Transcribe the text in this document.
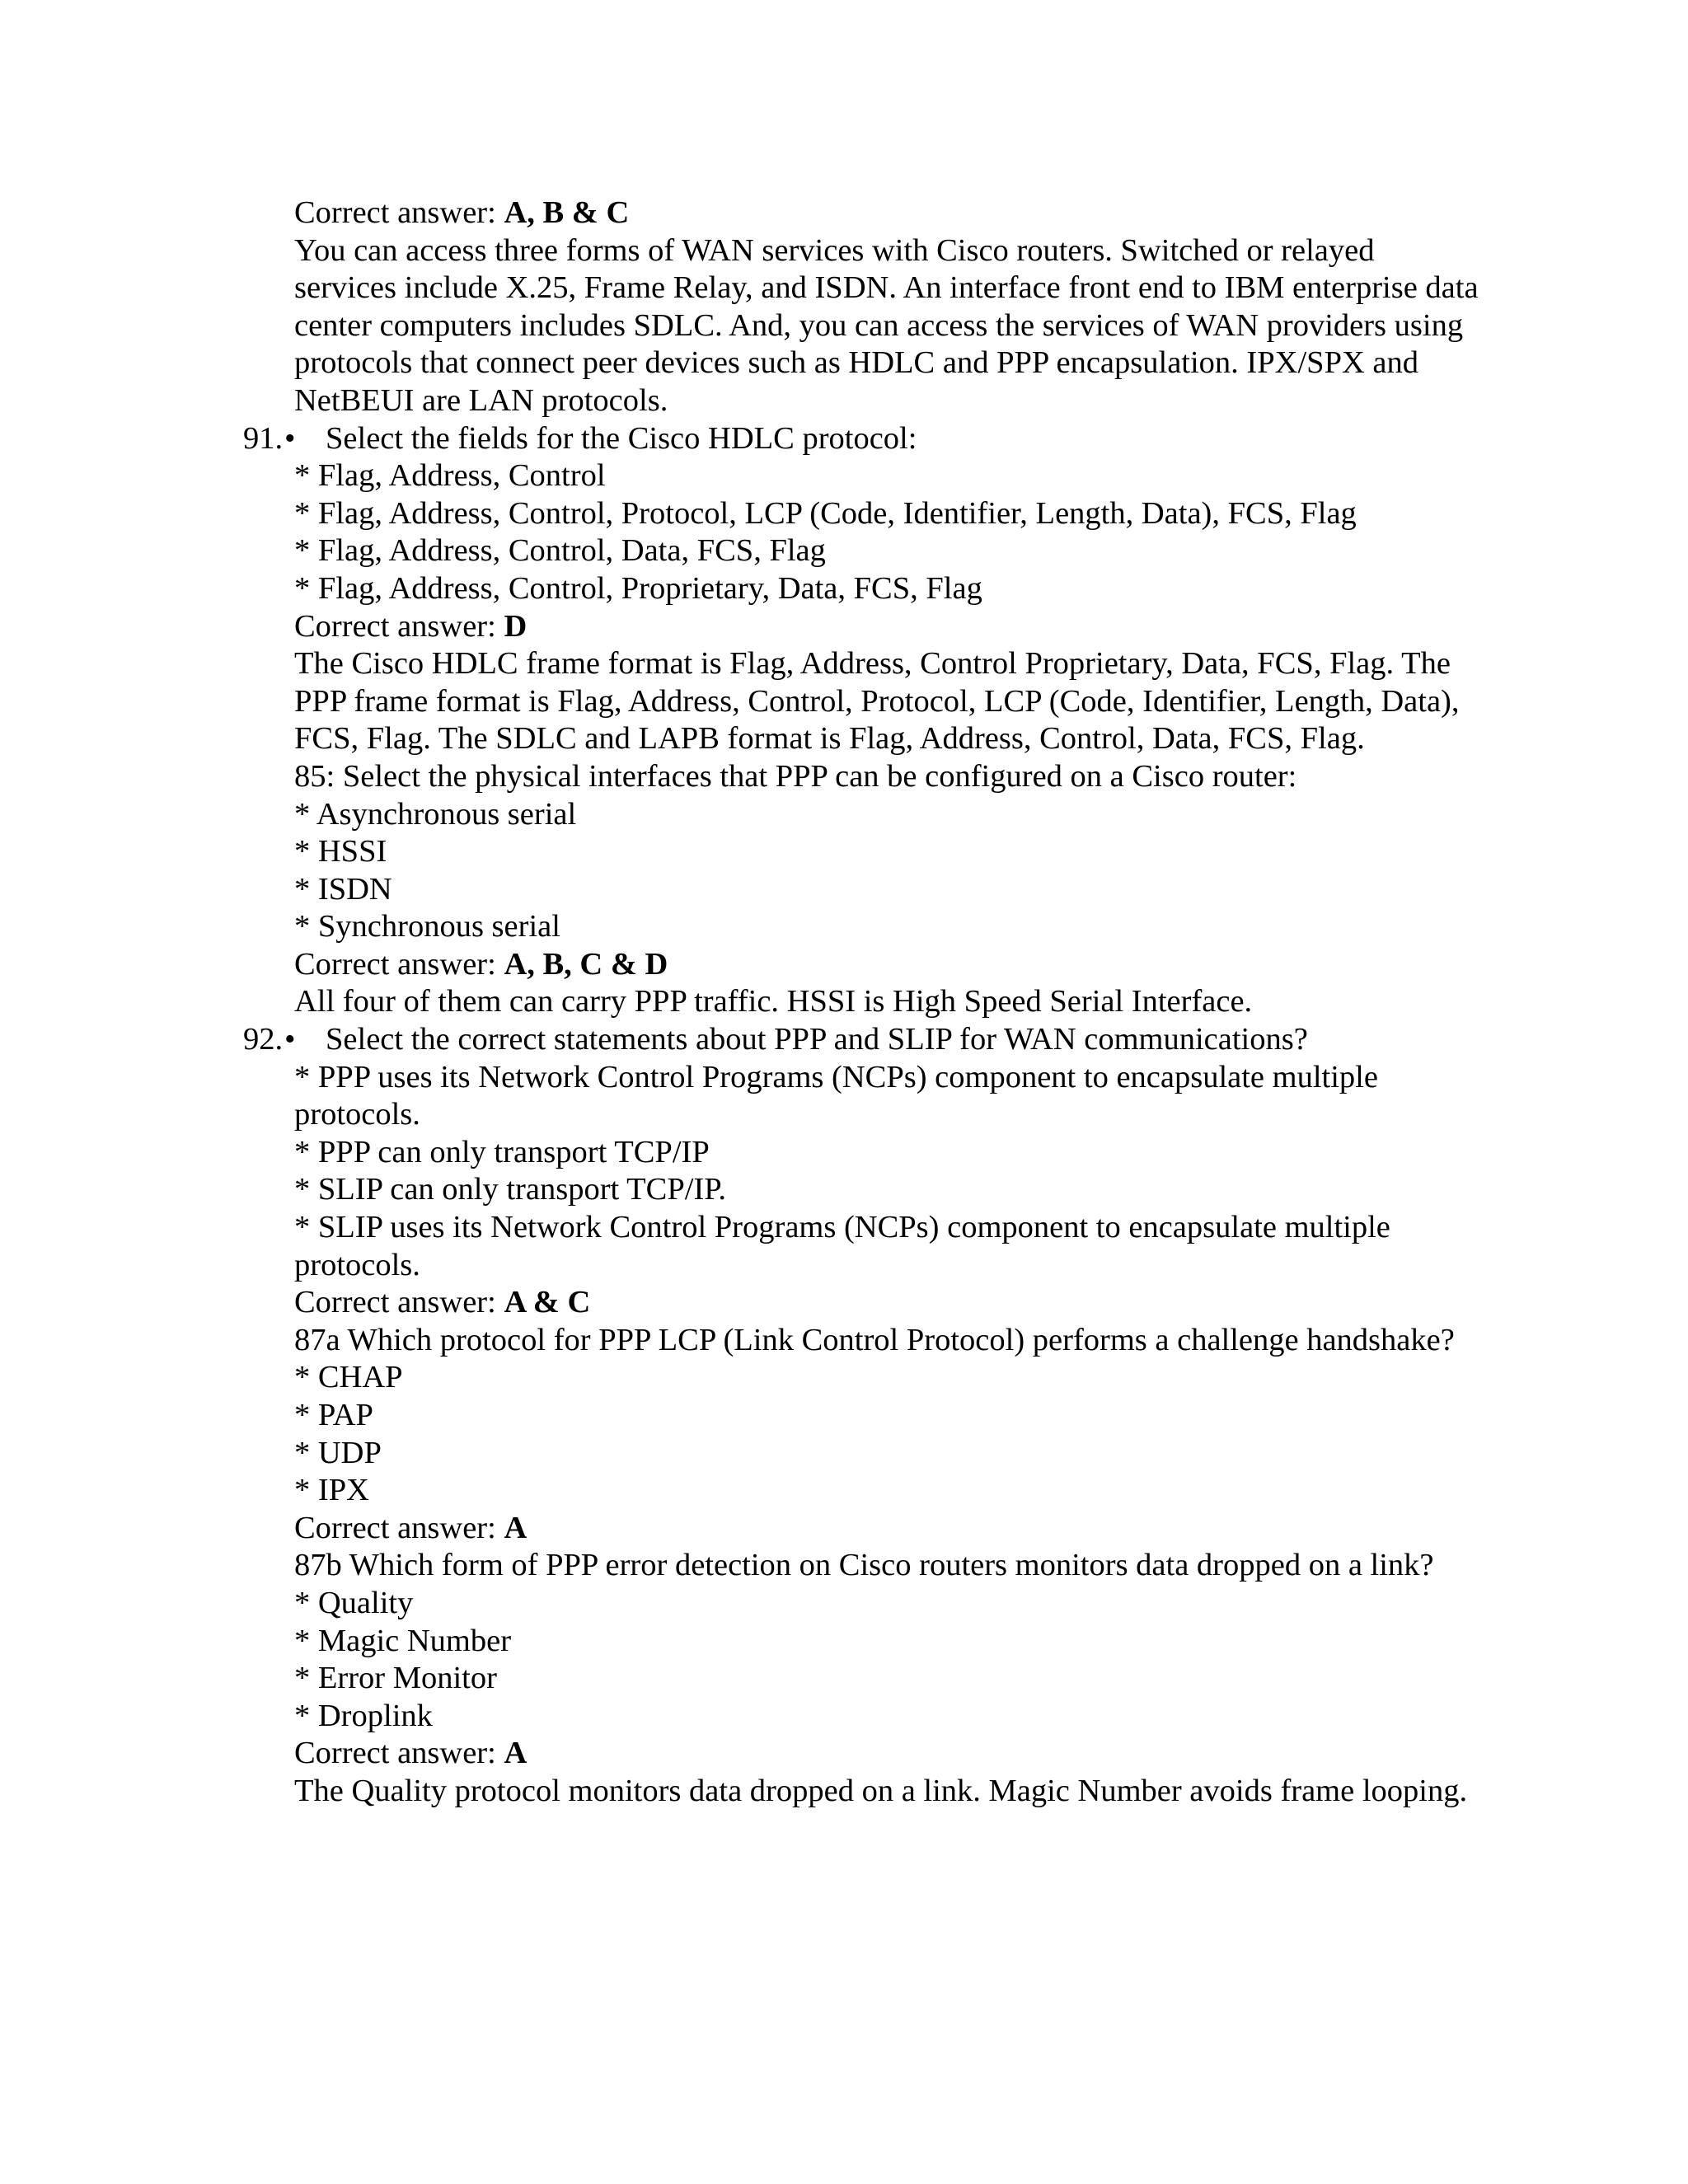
Correct answer: A, B & C

You can access three forms of WAN services with Cisco routers. Switched or relayed services include X.25, Frame Relay, and ISDN. An interface front end to IBM enterprise data center computers includes SDLC. And, you can access the services of WAN providers using protocols that connect peer devices such as HDLC and PPP encapsulation. IPX/SPX and NetBEUI are LAN protocols.

91. • Select the fields for the Cisco HDLC protocol:
* Flag, Address, Control
* Flag, Address, Control, Protocol, LCP (Code, Identifier, Length, Data), FCS, Flag
* Flag, Address, Control, Data, FCS, Flag
* Flag, Address, Control, Proprietary, Data, FCS, Flag
Correct answer: D

The Cisco HDLC frame format is Flag, Address, Control Proprietary, Data, FCS, Flag. The PPP frame format is Flag, Address, Control, Protocol, LCP (Code, Identifier, Length, Data), FCS, Flag. The SDLC and LAPB format is Flag, Address, Control, Data, FCS, Flag.

85: Select the physical interfaces that PPP can be configured on a Cisco router:
* Asynchronous serial
* HSSI
* ISDN
* Synchronous serial
Correct answer: A, B, C & D
All four of them can carry PPP traffic. HSSI is High Speed Serial Interface.
92. • Select the correct statements about PPP and SLIP for WAN communications?

* PPP uses its Network Control Programs (NCPs) component to encapsulate multiple protocols.

* PPP can only transport TCP/IP
* SLIP can only transport TCP/IP.

* SLIP uses its Network Control Programs (NCPs) component to encapsulate multiple protocols.

Correct answer: A & C

87a Which protocol for PPP LCP (Link Control Protocol) performs a challenge handshake?

* CHAP
* PAP
* UDP
* IPX
Correct answer: A
87b Which form of PPP error detection on Cisco routers monitors data dropped on a link?
* Quality
* Magic Number
* Error Monitor
* Droplink
Correct answer: A

The Quality protocol monitors data dropped on a link. Magic Number avoids frame looping.
